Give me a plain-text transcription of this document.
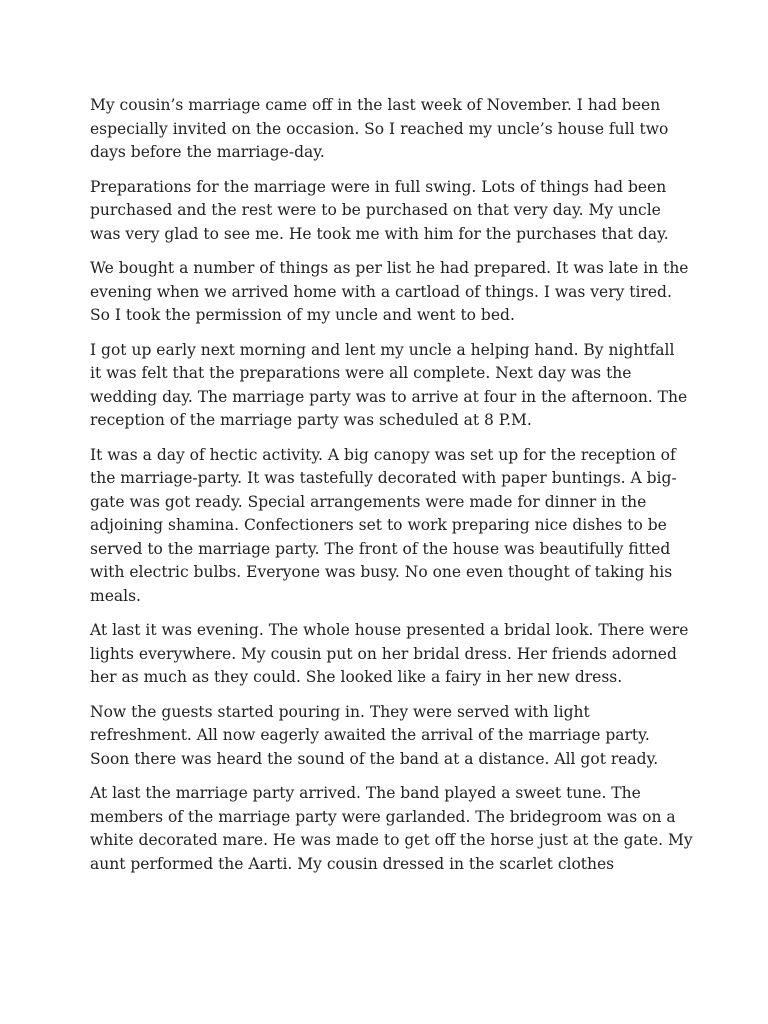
My cousin’s marriage came off in the last week of November. I had been
especially invited on the occasion. So I reached my uncle’s house full two
days before the marriage-day.

Preparations for the marriage were in full swing. Lots of things had been
purchased and the rest were to be purchased on that very day. My uncle
was very glad to see me. He took me with him for the purchases that day.

We bought a number of things as per list he had prepared. It was late in the
evening when we arrived home with a cartload of things. I was very tired.
So I took the permission of my uncle and went to bed.

I got up early next morning and lent my uncle a helping hand. By nightfall
it was felt that the preparations were all complete. Next day was the
wedding day. The marriage party was to arrive at four in the afternoon. The
reception of the marriage party was scheduled at 8 P.M.

It was a day of hectic activity. A big canopy was set up for the reception of
the marriage-party. It was tastefully decorated with paper buntings. A big-
gate was got ready. Special arrangements were made for dinner in the
adjoining shamina. Confectioners set to work preparing nice dishes to be
served to the marriage party. The front of the house was beautifully fitted
with electric bulbs. Everyone was busy. No one even thought of taking his
meals.

At last it was evening. The whole house presented a bridal look. There were
lights everywhere. My cousin put on her bridal dress. Her friends adorned
her as much as they could. She looked like a fairy in her new dress.

Now the guests started pouring in. They were served with light
refreshment. All now eagerly awaited the arrival of the marriage party.
Soon there was heard the sound of the band at a distance. All got ready.

At last the marriage party arrived. The band played a sweet tune. The
members of the marriage party were garlanded. The bridegroom was on a
white decorated mare. He was made to get off the horse just at the gate. My
aunt performed the Aarti. My cousin dressed in the scarlet clothes
